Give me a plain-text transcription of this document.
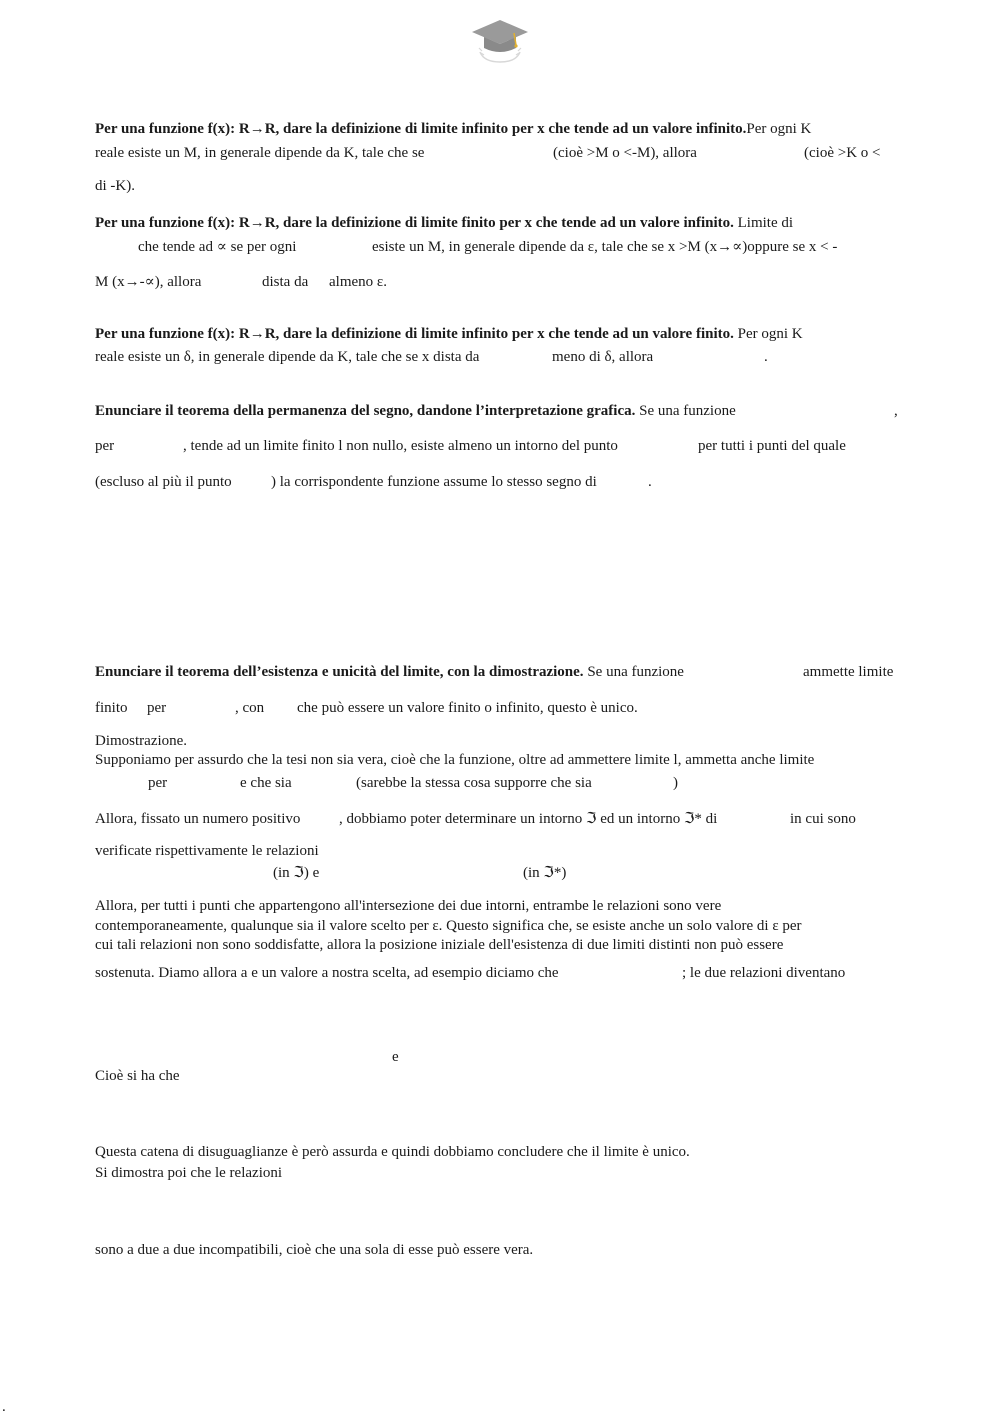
Per una funzione f(x): R→R, dare la definizione di limite infinito per x che tende ad un valore infinito.Per ogni K
reale esiste un M, in generale dipende da K, tale che se	(cioè >M o <-M), allora	(cioè >K o <
di -K).
Per una funzione f(x): R→R, dare la definizione di limite finito per x che tende ad un valore infinito. Limite di
che tende ad ∝ se per ogni	esiste un M, in generale dipende da ε, tale che se x >M (x→∝)oppure se x < -
M (x→-∝), allora	dista da almeno ε.
Per una funzione f(x): R→R, dare la definizione di limite infinito per x che tende ad un valore finito. Per ogni K
reale esiste un δ, in generale dipende da K, tale che se x dista da	meno di δ, allora	.
Enunciare il teorema della permanenza del segno, dandone l’interpretazione grafica. Se una funzione	,
per	, tende ad un limite finito l non nullo, esiste almeno un intorno del punto	per tutti i punti del quale
(escluso al più il punto	) la corrispondente funzione assume lo stesso segno di	.
Enunciare il teorema dell’esistenza e unicità del limite, con la dimostrazione. Se una funzione	ammette limite
finito per	, con che può essere un valore finito o infinito, questo è unico.
Dimostrazione.
Supponiamo per assurdo che la tesi non sia vera, cioè che la funzione, oltre ad ammettere limite l, ammetta anche limite
per	e che sia	(sarebbe la stessa cosa supporre che sia	)
Allora, fissato un numero positivo	, dobbiamo poter determinare un intorno ℑ ed un intorno ℑ* di	in cui sono
verificate rispettivamente le relazioni
(in ℑ) e	(in ℑ*)
Allora, per tutti i punti che appartengono all'intersezione dei due intorni, entrambe le relazioni sono vere
contemporaneamente, qualunque sia il valore scelto per ε. Questo significa che, se esiste anche un solo valore di ε per
cui tali relazioni non sono soddisfatte, allora la posizione iniziale dell'esistenza di due limiti distinti non può essere
sostenuta. Diamo allora a e un valore a nostra scelta, ad esempio diciamo che	; le due relazioni diventano
e
Cioè si ha che
Questa catena di disuguaglianze è però assurda e quindi dobbiamo concludere che il limite è unico.
Si dimostra poi che le relazioni
sono a due a due incompatibili, cioè che una sola di esse può essere vera.
.
